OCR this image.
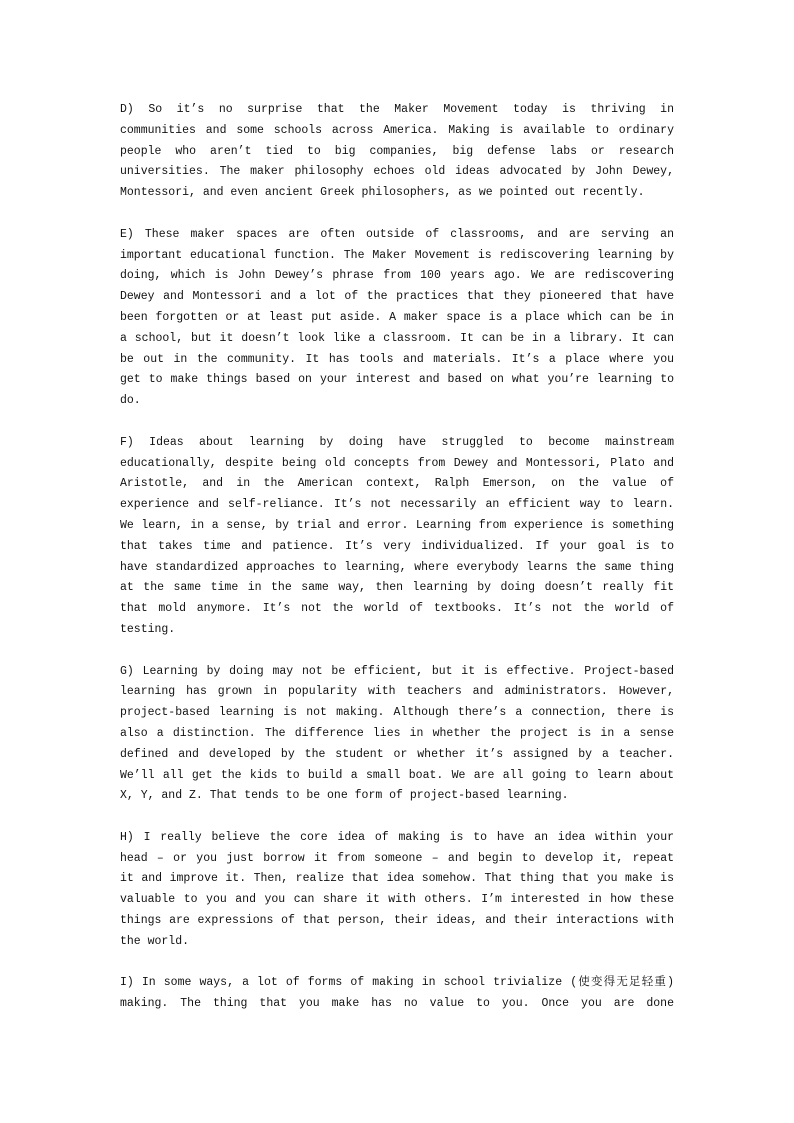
D) So it’s no surprise that the Maker Movement today is thriving in
communities and some schools across America. Making is available to ordinary
people who aren’t tied to big companies, big defense labs or research
universities. The maker philosophy echoes old ideas advocated by John Dewey,
Montessori, and even ancient Greek philosophers, as we pointed out recently.
E) These maker spaces are often outside of classrooms, and are serving an
important educational function. The Maker Movement is rediscovering learning by
doing, which is John Dewey’s phrase from 100 years ago. We are rediscovering
Dewey and Montessori and a lot of the practices that they pioneered that have
been forgotten or at least put aside. A maker space is a place which can be in
a school, but it doesn’t look like a classroom. It can be in a library. It can
be out in the community. It has tools and materials. It’s a place where you
get to make things based on your interest and based on what you’re learning to
do.
F) Ideas about learning by doing have struggled to become mainstream
educationally, despite being old concepts from Dewey and Montessori, Plato and
Aristotle, and in the American context, Ralph Emerson, on the value of
experience and self-reliance. It’s not necessarily an efficient way to learn.
We learn, in a sense, by trial and error. Learning from experience is something
that takes time and patience. It’s very individualized. If your goal is to
have standardized approaches to learning, where everybody learns the same thing
at the same time in the same way, then learning by doing doesn’t really fit
that mold anymore. It’s not the world of textbooks. It’s not the world of
testing.
G) Learning by doing may not be efficient, but it is effective. Project-based
learning has grown in popularity with teachers and administrators. However,
project-based learning is not making. Although there’s a connection, there is
also a distinction. The difference lies in whether the project is in a sense
defined and developed by the student or whether it’s assigned by a teacher.
We’ll all get the kids to build a small boat. We are all going to learn about
X, Y, and Z. That tends to be one form of project-based learning.
H) I really believe the core idea of making is to have an idea within your
head – or you just borrow it from someone – and begin to develop it, repeat
it and improve it. Then, realize that idea somehow. That thing that you make is
valuable to you and you can share it with others. I’m interested in how these
things are expressions of that person, their ideas, and their interactions with
the world.
I) In some ways, a lot of forms of making in school trivialize (使变得无足轻重)
making. The thing that you make has no value to you. Once you are done
